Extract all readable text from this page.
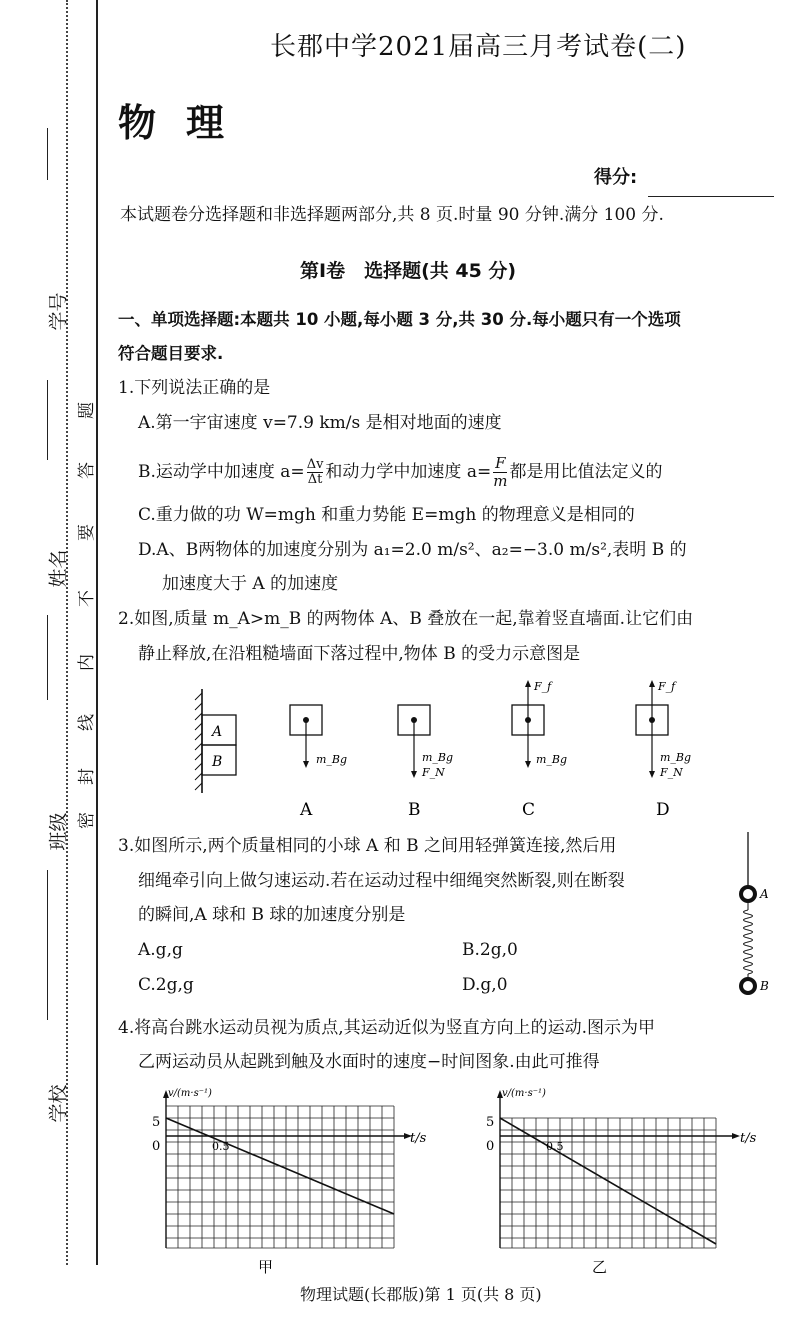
学号
姓名
班级
学校
密
封
线
内
不
要
答
题
长郡中学2021届高三月考试卷(二)
物理
得分:
本试题卷分选择题和非选择题两部分,共 8 页.时量 90 分钟.满分 100 分.
第Ⅰ卷　选择题(共 45 分)
一、单项选择题:本题共 10 小题,每小题 3 分,共 30 分.每小题只有一个选项
符合题目要求.
1.下列说法正确的是
A.第一宇宙速度 v=7.9 km/s 是相对地面的速度
B.运动学中加速度 $a= \frac{\Delta v}{\Delta t}$ 和动力学中加速度 $a= \frac{F}{m}$ 都是用比值法定义的
C.重力做的功 W=mgh 和重力势能 E=mgh 的物理意义是相同的
D.A、B两物体的加速度分别为 a₁=2.0 m/s²、a₂=−3.0 m/s²,表明 B 的
加速度大于 A 的加速度
2.如图,质量 m_A>m_B 的两物体 A、B 叠放在一起,靠着竖直墙面.让它们由
静止释放,在沿粗糙墙面下落过程中,物体 B 的受力示意图是
A
B	m_Bg	m_Bg
F_N
F_f
m_Bg
F_f
m_Bg
F_N
A	B	C	D
3.如图所示,两个质量相同的小球 A 和 B 之间用轻弹簧连接,然后用
细绳牵引向上做匀速运动.若在运动过程中细绳突然断裂,则在断裂
的瞬间,A 球和 B 球的加速度分别是
A.g,g	B.2g,0
C.2g,g	D.g,0
A
B
4.将高台跳水运动员视为质点,其运动近似为竖直方向上的运动.图示为甲
乙两运动员从起跳到触及水面时的速度−时间图象.由此可推得
v/(m·s⁻¹)
5
0	0.5
t/s
甲
v/(m·s⁻¹)
5
0	0.5
t/s
乙
物理试题(长郡版)第 1 页(共 8 页)
